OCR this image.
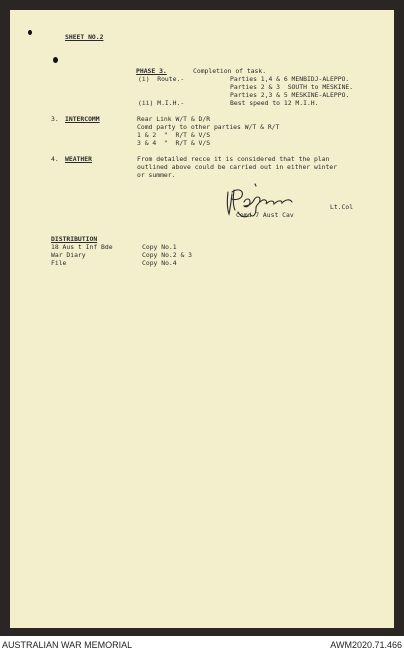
SHEET NO.2
PHASE 3.	Completion of task.
(i)  Route.-	Parties 1,4 & 6 MENBIDJ-ALEPPO.
Parties 2 & 3  SOUTH to MESKINE.
Parties 2,3 & 5 MESKINE-ALEPPO.
(ii) M.I.H.-	Best speed to 12 M.I.H.
3. INTERCOMM	Rear Link W/T & D/R
Comd party to other parties W/T & R/T
1 & 2  "  R/T & V/S
3 & 4  "  R/T & V/S
4. WEATHER	From detailed recce it is considered that the plan
outlined above could be carried out in either winter
or summer.
Lt.Col
Comd 7 Aust Cav
DISTRIBUTION
18 Aus t Inf Bde	Copy No.1
War Diary	Copy No.2 & 3
File	Copy No.4
AUSTRALIAN WAR MEMORIAL	AWM2020.71.466
